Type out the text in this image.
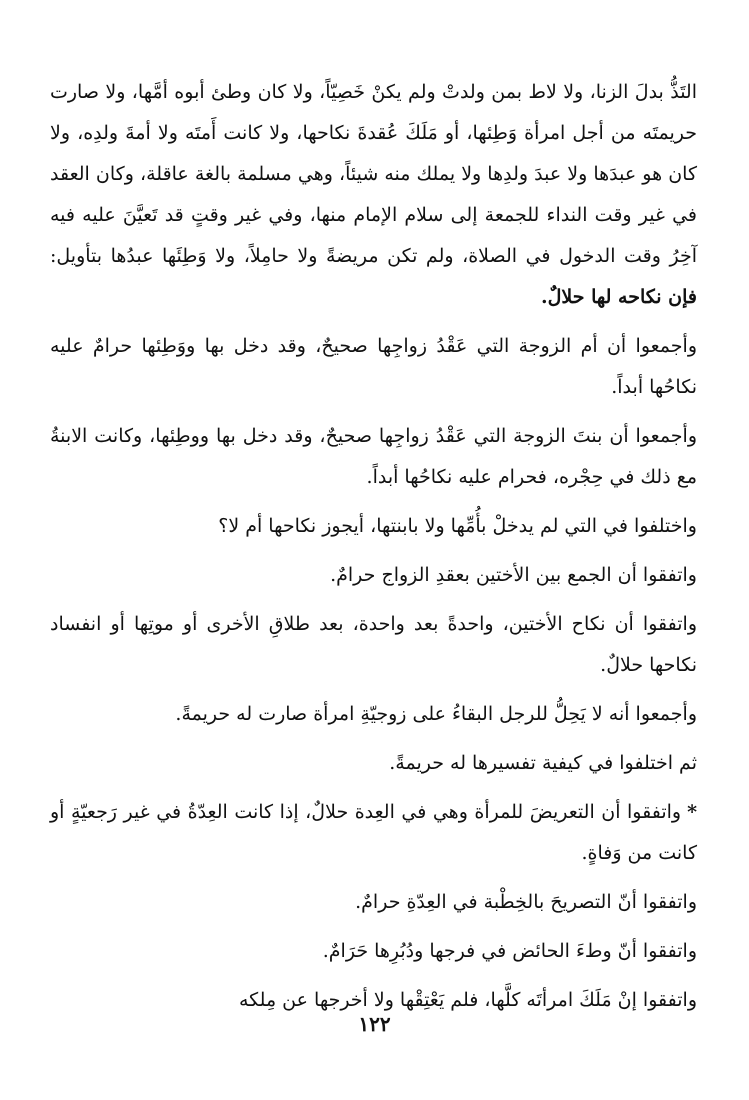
التَذُّ بدلَ الزنا، ولا لاط بمن ولدتْ ولم يكنْ خَصِيّاً، ولا كان وطئ أبوه أمَّها، ولا صارت حريمتَه من أجل امرأة وَطِئها، أو مَلَكَ عُقدةَ نكاحها، ولا كانت أَمتَه ولا أمةَ ولدِه، ولا كان هو عبدَها ولا عبدَ ولدِها ولا يملك منه شيئاً، وهي مسلمة بالغة عاقلة، وكان العقد في غير وقت النداء للجمعة إلى سلام الإمام منها، وفي غير وقتٍ قد تَعيَّنَ عليه فيه آخِرُ وقت الدخول في الصلاة، ولم تكن مريضةً ولا حامِلاً، ولا وَطِئَها عبدُها بتأويل: فإن نكاحه لها حلالٌ.

وأجمعوا أن أم الزوجة التي عَقْدُ زواجِها صحيحٌ، وقد دخل بها ووَطِئها حرامٌ عليه نكاحُها أبداً.

وأجمعوا أن بنتَ الزوجة التي عَقْدُ زواجِها صحيحٌ، وقد دخل بها ووطِئها، وكانت الابنةُ مع ذلك في حِجْره، فحرام عليه نكاحُها أبداً.

واختلفوا في التي لم يدخلْ بأُمِّها ولا بابنتها، أيجوز نكاحها أم لا؟

واتفقوا أن الجمع بين الأختين بعقدِ الزواج حرامٌ.

واتفقوا أن نكاح الأختين، واحدةً بعد واحدة، بعد طلاقِ الأخرى أو موتِها أو انفساد نكاحها حلالٌ.

وأجمعوا أنه لا يَحِلُّ للرجل البقاءُ على زوجيّةِ امرأة صارت له حريمةً.

ثم اختلفوا في كيفية تفسيرها له حريمةً.

*واتفقوا أن التعريضَ للمرأة وهي في العِدة حلالٌ، إذا كانت العِدّةُ في غير رَجعيّةٍ أو كانت من وَفاةٍ.

واتفقوا أنّ التصريحَ بالخِطْبة في العِدّةِ حرامٌ.

واتفقوا أنّ وطءَ الحائض في فرجها ودُبُرِها حَرَامٌ.

واتفقوا إنْ مَلَكَ امرأتَه كلَّها، فلم يَعْتِقْها ولا أخرجها عن مِلكه

١٢٢
